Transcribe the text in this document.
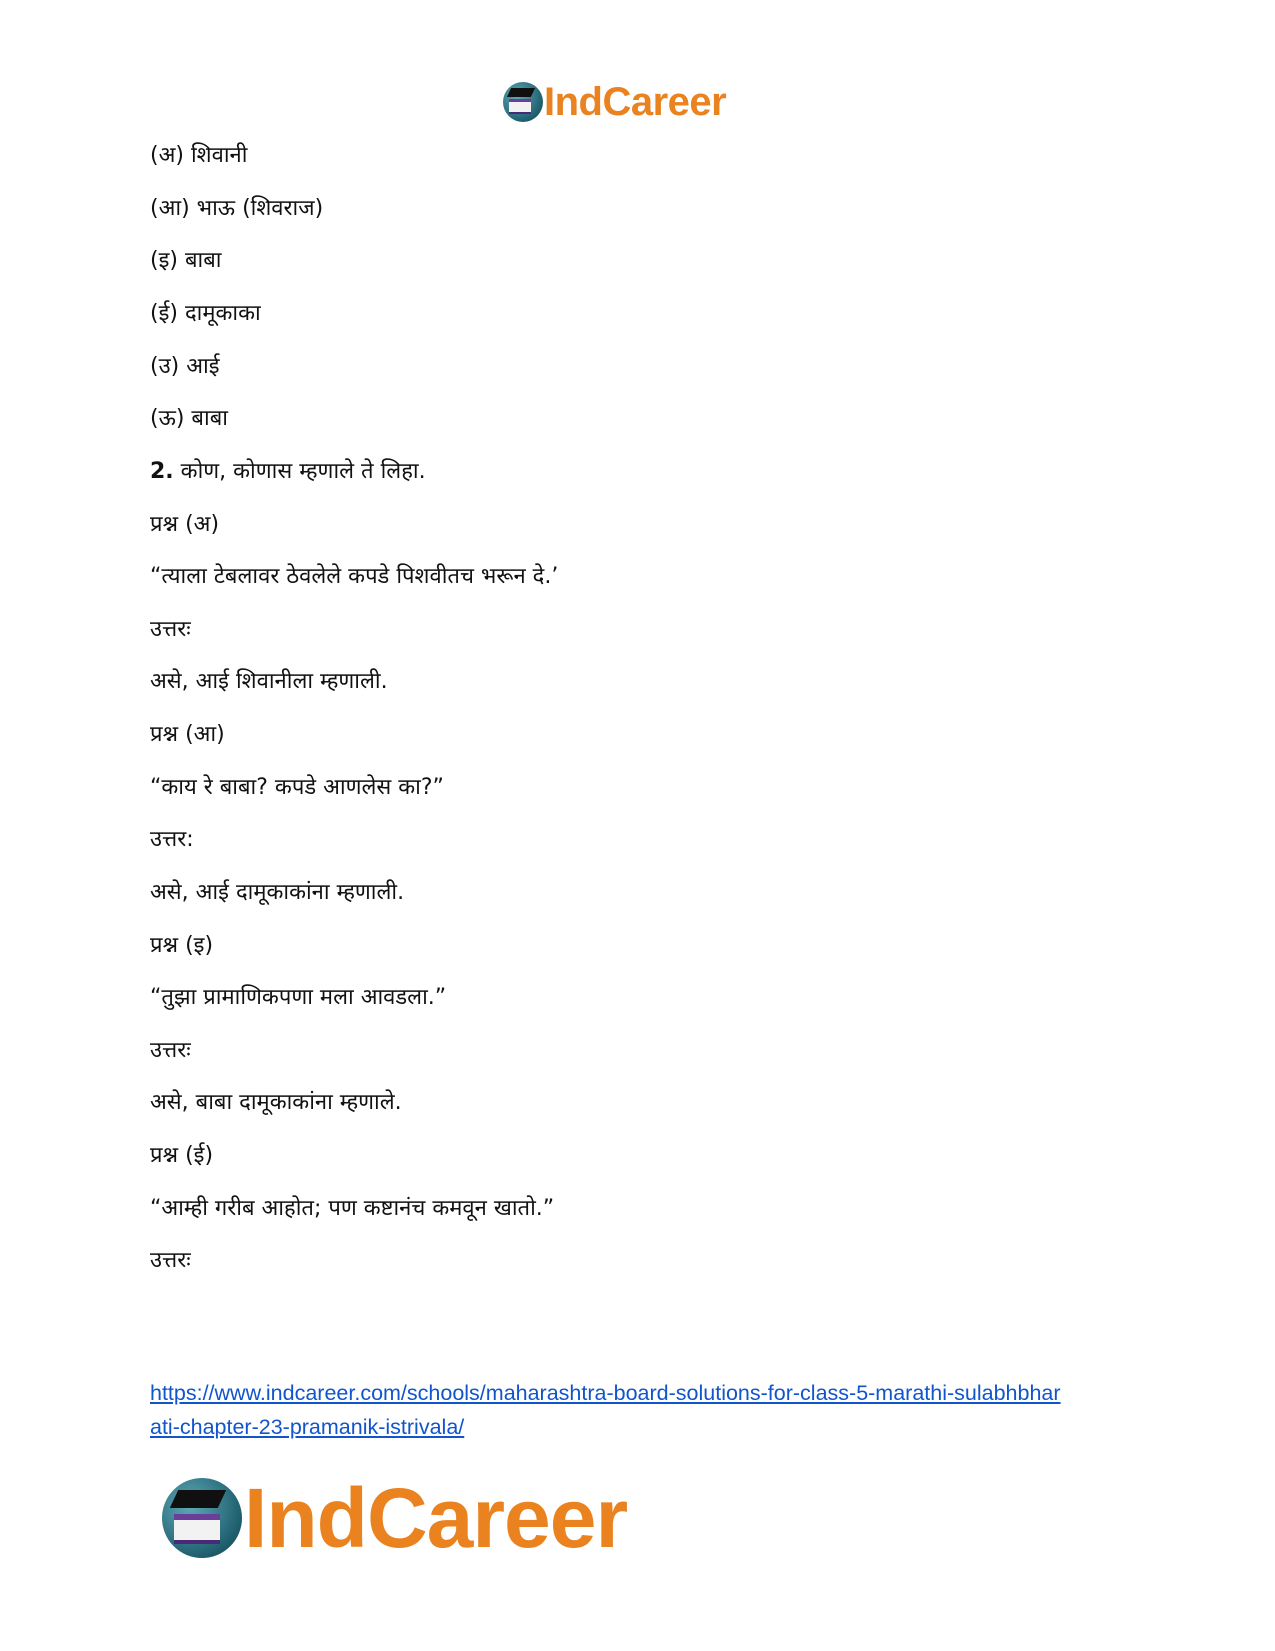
IndCareer
(अ) शिवानी
(आ) भाऊ (शिवराज)
(इ) बाबा
(ई) दामूकाका
(उ) आई
(ऊ) बाबा
2. कोण, कोणास म्हणाले ते लिहा.
प्रश्न (अ)
“त्याला टेबलावर ठेवलेले कपडे पिशवीतच भरून दे.’
उत्तरः
असे, आई शिवानीला म्हणाली.
प्रश्न (आ)
“काय रे बाबा? कपडे आणलेस का?”
उत्तर:
असे, आई दामूकाकांना म्हणाली.
प्रश्न (इ)
“तुझा प्रामाणिकपणा मला आवडला.”
उत्तरः
असे, बाबा दामूकाकांना म्हणाले.
प्रश्न (ई)
“आम्ही गरीब आहोत; पण कष्टानंच कमवून खातो.”
उत्तरः
https://www.indcareer.com/schools/maharashtra-board-solutions-for-class-5-marathi-sulabhbhar
ati-chapter-23-pramanik-istrivala/
IndCareer
